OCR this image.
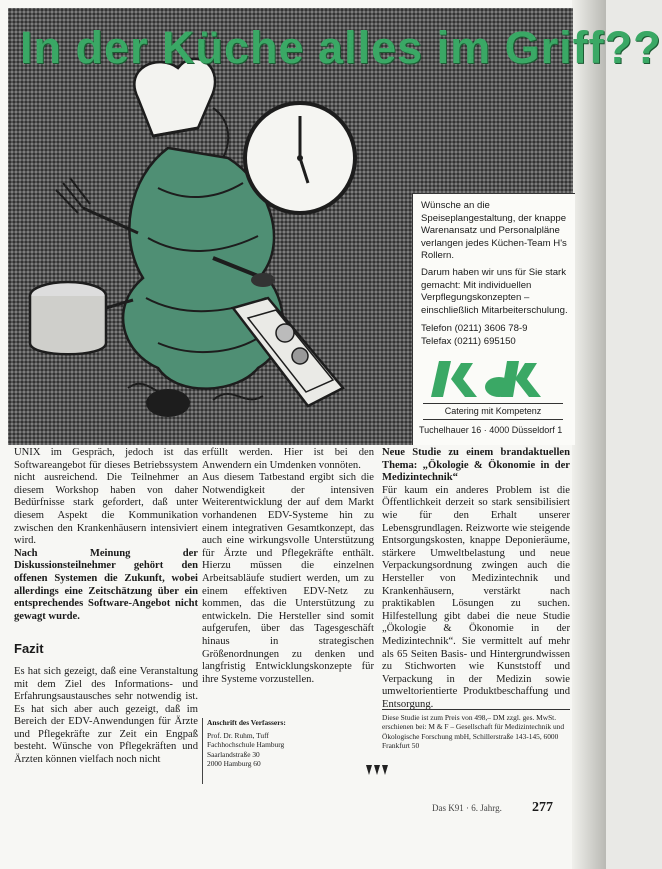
In der Küche alles im Griff??

Wünsche an die Speiseplangestaltung, der knappe Warenansatz und Personalpläne verlangen jedes Küchen-Team H's Rollern.

Darum haben wir uns für Sie stark gemacht: Mit individuellen Verpflegungskonzepten – einschließlich Mitarbeiterschulung.

Telefon (0211) 3606 78-9
Telefax (0211) 695150
Catering mit Kompetenz
Tuchelhauer 16 · 4000 Düsseldorf 1

UNIX im Gespräch, jedoch ist das Softwareangebot für dieses Betriebssystem nicht ausreichend. Die Teilnehmer an diesem Workshop haben von daher Bedürfnisse stark gefordert, daß unter diesem Aspekt die Kommunikation zwischen den Krankenhäusern intensiviert wird.

Nach Meinung der Diskussionsteilnehmer gehört den offenen Systemen die Zukunft, wobei allerdings eine Zeitschätzung über ein entsprechendes Software-Angebot nicht gewagt wurde.

Fazit

Es hat sich gezeigt, daß eine Veranstaltung mit dem Ziel des Informations- und Erfahrungsaustausches sehr notwendig ist. Es hat sich aber auch gezeigt, daß im Bereich der EDV-Anwendungen für Ärzte und Pflegekräfte zur Zeit ein Engpaß besteht. Wünsche von Pflegekräften und Ärzten können vielfach noch nicht

erfüllt werden. Hier ist bei den Anwendern ein Umdenken vonnöten.

Aus diesem Tatbestand ergibt sich die Notwendigkeit der intensiven Weiterentwicklung der auf dem Markt vorhandenen EDV-Systeme hin zu einem integrativen Gesamtkonzept, das auch eine wirkungsvolle Unterstützung für Ärzte und Pflegekräfte enthält. Hierzu müssen die einzelnen Arbeitsabläufe studiert werden, um zu einem effektiven EDV-Netz zu kommen, das die Unterstützung zu entwickeln. Die Hersteller sind somit aufgerufen, über das Tagesgeschäft hinaus in strategischen Größenordnungen zu denken und langfristig Entwicklungskonzepte für ihre Systeme vorzustellen.

Anschrift des Verfassers:
Prof. Dr. Ruhm, Tuff
Fachhochschule Hamburg
Saarlandstraße 30
2000 Hamburg 60

Neue Studie zu einem brandaktuellen Thema: „Ökologie & Ökonomie in der Medizintechnik“

Für kaum ein anderes Problem ist die Öffentlichkeit derzeit so stark sensibilisiert wie für den Erhalt unserer Lebensgrundlagen. Reizworte wie steigende Entsorgungskosten, knappe Deponieräume, stärkere Umweltbelastung und neue Verpackungsordnung zwingen auch die Hersteller von Medizintechnik und Krankenhäusern, verstärkt nach praktikablen Lösungen zu suchen. Hilfestellung gibt dabei die neue Studie „Ökologie & Ökonomie in der Medizintechnik“. Sie vermittelt auf mehr als 65 Seiten Basis- und Hintergrundwissen zu Stichworten wie Kunststoff und Verpackung in der Medizin sowie umweltorientierte Produktbeschaffung und Entsorgung.

Diese Studie ist zum Preis von 498,– DM zzgl. ges. MwSt. erschienen bei: M & F – Gesellschaft für Medizintechnik und Ökologische Forschung mbH, Schillerstraße 143-145, 6000 Frankfurt 50
Das K91 · 6. Jahrg. 277
